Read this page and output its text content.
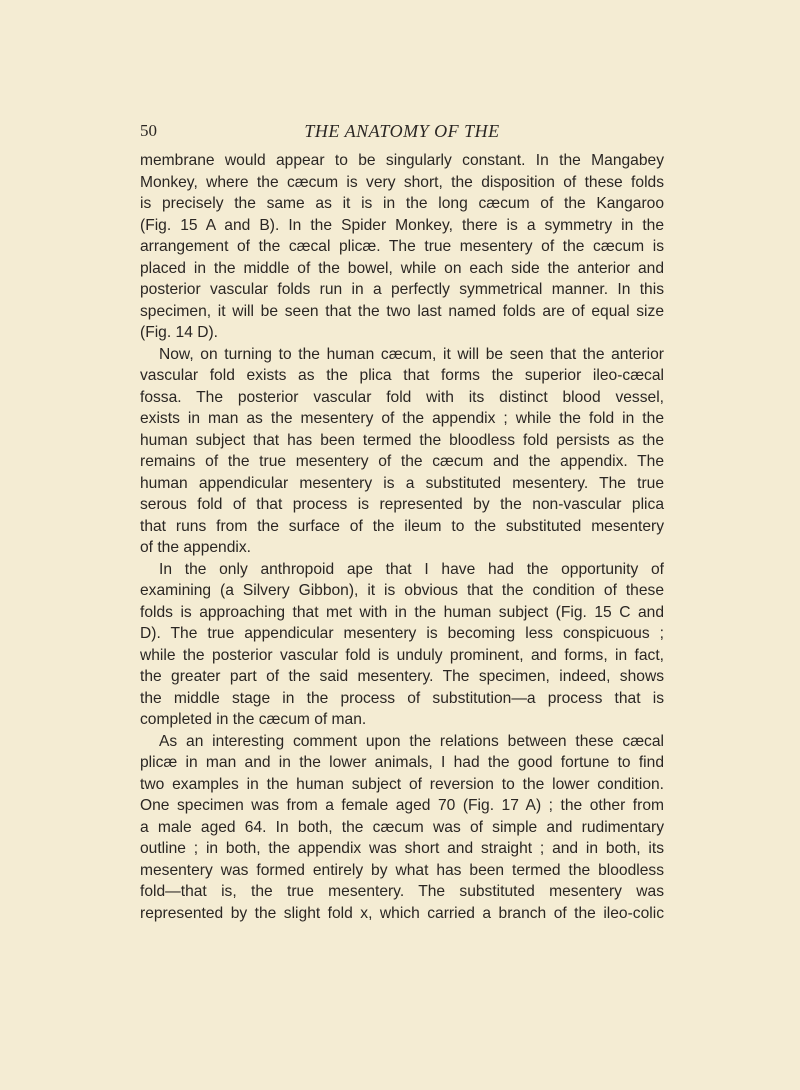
50	THE ANATOMY OF THE
membrane would appear to be singularly constant. In the Mangabey
Monkey, where the cæcum is very short, the disposition of these folds
is precisely the same as it is in the long cæcum of the Kangaroo
(Fig. 15 A and B). In the Spider Monkey, there is a symmetry in the
arrangement of the cæcal plicæ. The true mesentery of the cæcum is
placed in the middle of the bowel, while on each side the anterior and
posterior vascular folds run in a perfectly symmetrical manner. In this
specimen, it will be seen that the two last named folds are of equal size
(Fig. 14 D).
Now, on turning to the human cæcum, it will be seen that the anterior
vascular fold exists as the plica that forms the superior ileo-cæcal
fossa. The posterior vascular fold with its distinct blood vessel,
exists in man as the mesentery of the appendix ; while the fold in the
human subject that has been termed the bloodless fold persists as the
remains of the true mesentery of the cæcum and the appendix. The
human appendicular mesentery is a substituted mesentery. The true
serous fold of that process is represented by the non-vascular plica
that runs from the surface of the ileum to the substituted mesentery
of the appendix.
In the only anthropoid ape that I have had the opportunity of
examining (a Silvery Gibbon), it is obvious that the condition of these
folds is approaching that met with in the human subject (Fig. 15 C and
D). The true appendicular mesentery is becoming less conspicuous ;
while the posterior vascular fold is unduly prominent, and forms, in fact,
the greater part of the said mesentery. The specimen, indeed, shows
the middle stage in the process of substitution—a process that is
completed in the cæcum of man.
As an interesting comment upon the relations between these cæcal
plicæ in man and in the lower animals, I had the good fortune to find
two examples in the human subject of reversion to the lower condition.
One specimen was from a female aged 70 (Fig. 17 A) ; the other from
a male aged 64. In both, the cæcum was of simple and rudimentary
outline ; in both, the appendix was short and straight ; and in both, its
mesentery was formed entirely by what has been termed the bloodless
fold—that is, the true mesentery. The substituted mesentery was
represented by the slight fold x, which carried a branch of the ileo-colic
